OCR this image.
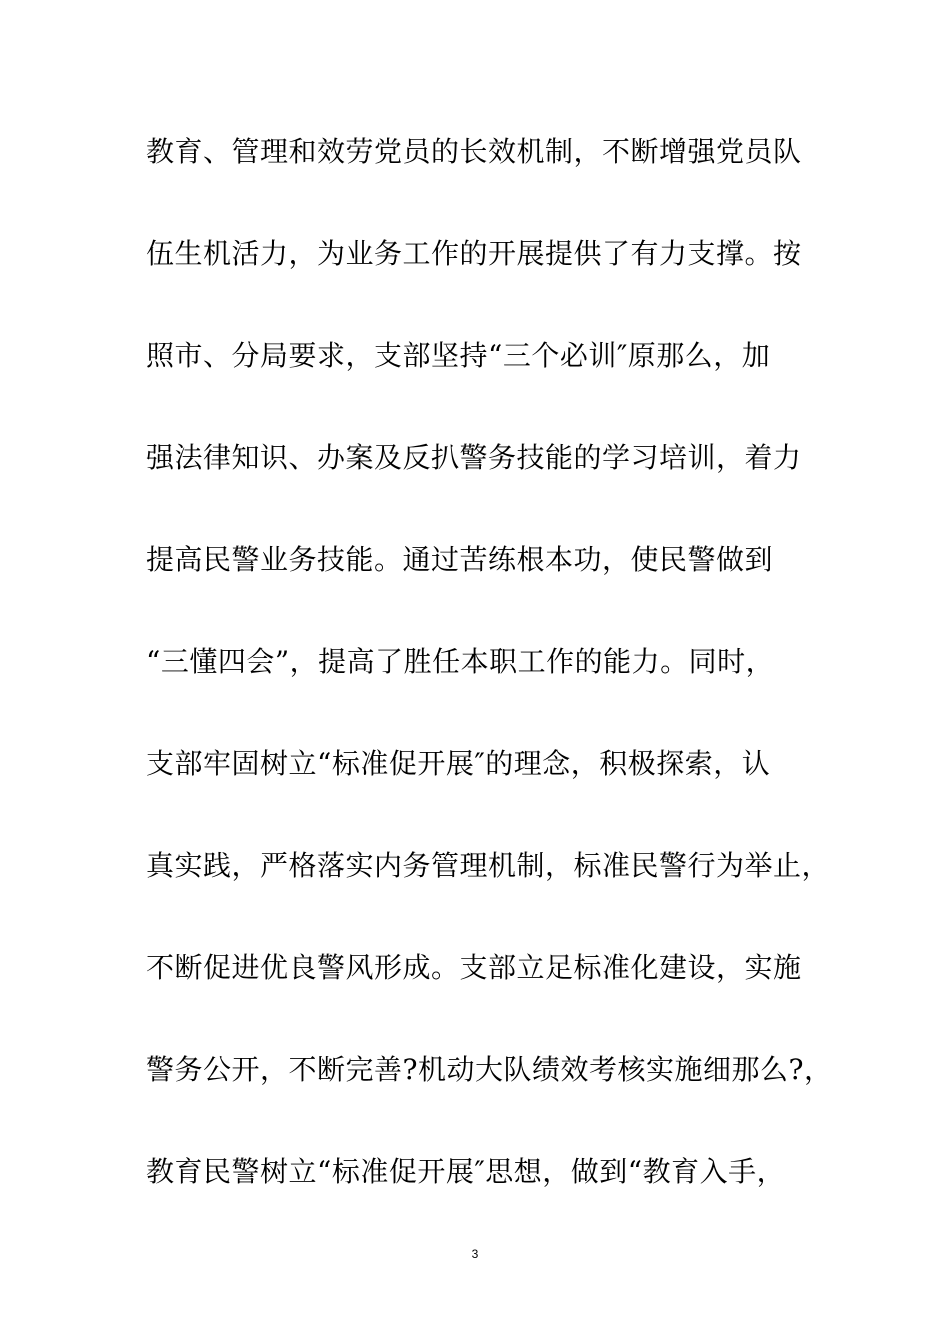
教育、管理和效劳党员的长效机制，不断增强党员队
伍生机活力，为业务工作的开展提供了有力支撑。按
照市、分局要求，支部坚持“三个必训″原那么，加
强法律知识、办案及反扒警务技能的学习培训，着力
提高民警业务技能。通过苦练根本功，使民警做到
“三懂四会”，提高了胜任本职工作的能力。同时，
支部牢固树立“标准促开展″的理念，积极探索，认
真实践，严格落实内务管理机制，标准民警行为举止，
不断促进优良警风形成。支部立足标准化建设，实施
警务公开，不断完善?机动大队绩效考核实施细那么?，
教育民警树立“标准促开展″思想，做到“教育入手，
3
